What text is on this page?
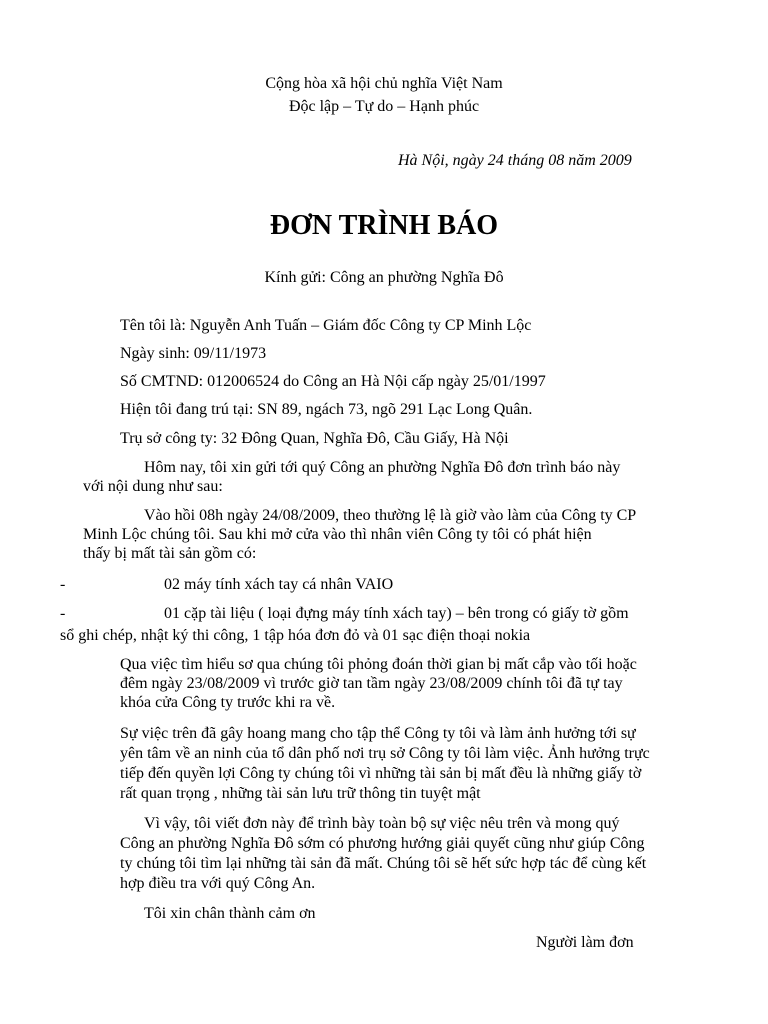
Cộng hòa xã hội chủ nghĩa Việt Nam
Độc lập – Tự do – Hạnh phúc
Hà Nội, ngày 24 tháng 08 năm 2009
ĐƠN TRÌNH BÁO
Kính gửi: Công an phường Nghĩa Đô
Tên tôi là: Nguyễn Anh Tuấn – Giám đốc Công ty CP Minh Lộc
Ngày sinh: 09/11/1973
Số CMTND: 012006524 do Công an Hà Nội cấp ngày 25/01/1997
Hiện tôi đang trú tại: SN 89, ngách 73, ngõ 291 Lạc Long Quân.
Trụ sở công ty: 32 Đông Quan, Nghĩa Đô, Cầu Giấy, Hà Nội
Hôm nay, tôi xin gửi tới quý Công an phường Nghĩa Đô đơn trình báo này
với nội dung như sau:
Vào hồi 08h ngày 24/08/2009, theo thường lệ là giờ vào làm của Công ty CP
Minh Lộc chúng tôi. Sau khi mở cửa vào thì nhân viên Công ty tôi có phát hiện
thấy bị mất tài sản gồm có:
-	02 máy tính xách tay cá nhân VAIO
-	01 cặp tài liệu ( loại đựng máy tính xách tay) – bên trong có giấy tờ gồm
sổ ghi chép, nhật ký thi công, 1 tập hóa đơn đỏ và 01 sạc điện thoại nokia
Qua việc tìm hiểu sơ qua chúng tôi phỏng đoán thời gian bị mất cắp vào tối hoặc
đêm ngày 23/08/2009 vì trước giờ tan tầm ngày 23/08/2009 chính tôi đã tự tay
khóa cửa Công ty trước khi ra về.
Sự việc trên đã gây hoang mang cho tập thể Công ty tôi và làm ảnh hưởng tới sự
yên tâm về an ninh của tổ dân phố nơi trụ sở Công ty tôi làm việc. Ảnh hưởng trực
tiếp đến quyền lợi Công ty chúng tôi vì những tài sản bị mất đều là những giấy tờ
rất quan trọng , những tài sản lưu trữ thông tin tuyệt mật
Vì vậy, tôi viết đơn này để trình bày toàn bộ sự việc nêu trên và mong quý
Công an phường Nghĩa Đô sớm có phương hướng giải quyết cũng như giúp Công
ty chúng tôi tìm lại những tài sản đã mất. Chúng tôi sẽ hết sức hợp tác để cùng kết
hợp điều tra với quý Công An.
Tôi xin chân thành cảm ơn
Người làm đơn
